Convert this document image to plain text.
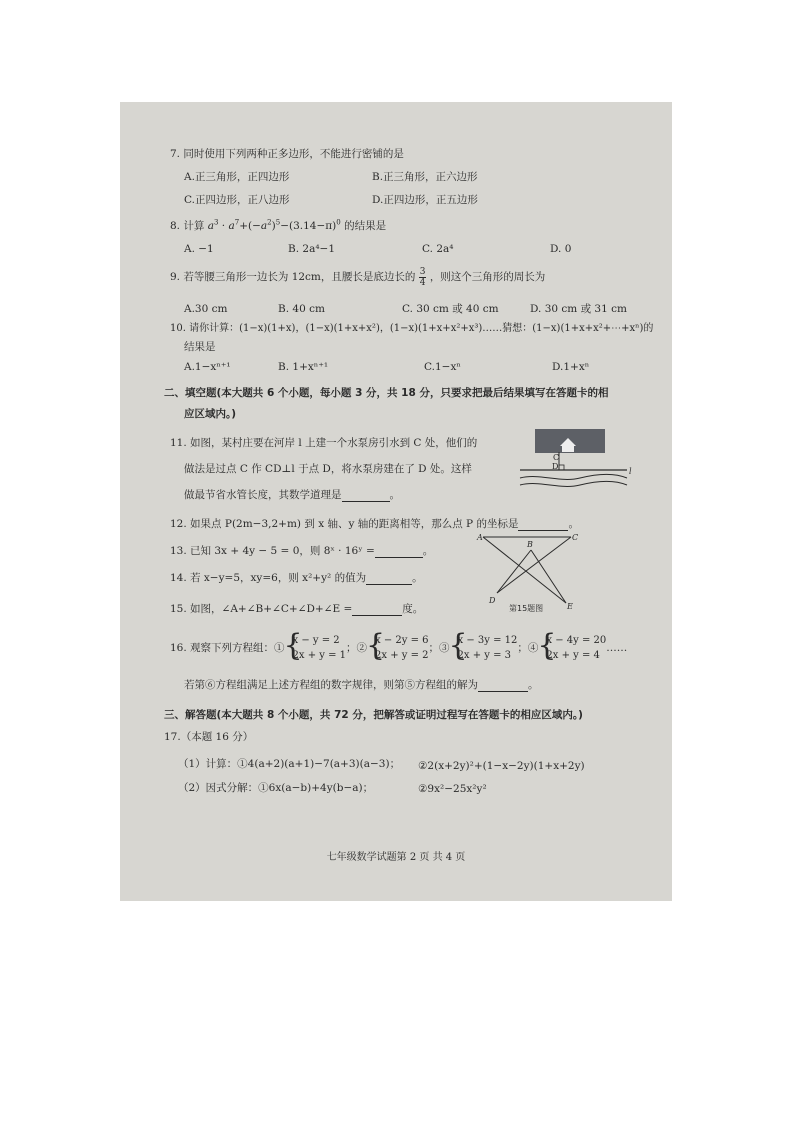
7. 同时使用下列两种正多边形，不能进行密铺的是
A.正三角形，正四边形	B.正三角形，正六边形
C.正四边形，正八边形	D.正四边形，正五边形
8. 计算 $a^3 \cdot a^7+(-a^2)^5-(3.14-\pi)^0$ 的结果是
A. −1	B. 2a⁴−1	C. 2a⁴	D. 0
9. 若等腰三角形一边长为 12cm，且腰长是底边长的 $\frac{3}{4}$ ，则这个三角形的周长为
A.30 cm	B. 40 cm	C. 30 cm 或 40 cm	D. 30 cm 或 31 cm
10. 请你计算：(1−x)(1+x)，(1−x)(1+x+x²)，(1−x)(1+x+x²+x³)……猜想：(1−x)(1+x+x²+⋯+xⁿ)的
结果是
A.1−xⁿ⁺¹	B. 1+xⁿ⁺¹	C.1−xⁿ	D.1+xⁿ
二、填空题(本大题共 6 个小题，每小题 3 分，共 18 分，只要求把最后结果填写在答题卡的相
应区域内。)
11. 如图，某村庄要在河岸 l 上建一个水泵房引水到 C 处，他们的
做法是过点 C 作 CD⊥l 于点 D，将水泵房建在了 D 处。这样
做最节省水管长度，其数学道理是	。
C
D
l
12. 如果点 P(2m−3,2+m) 到 x 轴、y 轴的距离相等，那么点 P 的坐标是	。
13. 已知 3x + 4y − 5 = 0，则 8ˣ · 16ʸ =	。
14. 若 x−y=5，xy=6，则 x²+y² 的值为	。
15. 如图，∠A+∠B+∠C+∠D+∠E =	度。
A
B
C
D
E
第15题图
16. 观察下列方程组：①
{ x − y = 2
2x + y = 1
；②
{ x − 2y = 6
2x + y = 2
；③
{ x − 3y = 12
2x + y = 3
；④
{ x − 4y = 20
2x + y = 4
……
若第⑥方程组满足上述方程组的数字规律，则第⑤方程组的解为	。
三、解答题(本大题共 8 个小题，共 72 分，把解答或证明过程写在答题卡的相应区域内。)
17.（本题 16 分）
（1）计算：①4(a+2)(a+1)−7(a+3)(a−3)； ②2(x+2y)²+(1−x−2y)(1+x+2y)
（2）因式分解：①6x(a−b)+4y(b−a)；	②9x²−25x²y²
七年级数学试题第 2 页 共 4 页
